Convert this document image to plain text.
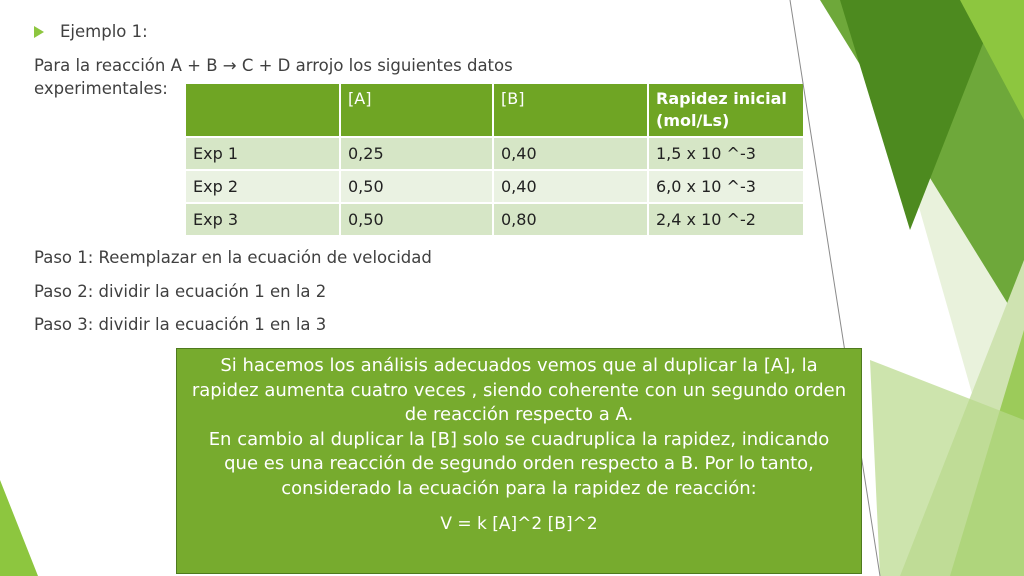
Ejemplo 1:
Para la reacción A + B → C + D arrojo los siguientes datos
experimentales:
	[A]	[B]	Rapidez inicial (mol/Ls)
Exp 1	0,25	0,40	1,5 x 10 ^-3
Exp 2	0,50	0,40	6,0 x 10 ^-3
Exp 3	0,50	0,80	2,4 x 10 ^-2
Paso 1: Reemplazar en la ecuación de velocidad
Paso 2: dividir la ecuación 1 en la 2
Paso 3: dividir la ecuación 1 en la 3

Si hacemos los análisis adecuados vemos que al duplicar la [A], la rapidez aumenta cuatro veces , siendo coherente con un segundo orden de reacción respecto a A.

En cambio al duplicar la [B] solo se cuadruplica la rapidez, indicando que es una reacción de segundo orden respecto a B. Por lo tanto, considerado la ecuación para la rapidez de reacción:

V = k [A]^2 [B]^2
